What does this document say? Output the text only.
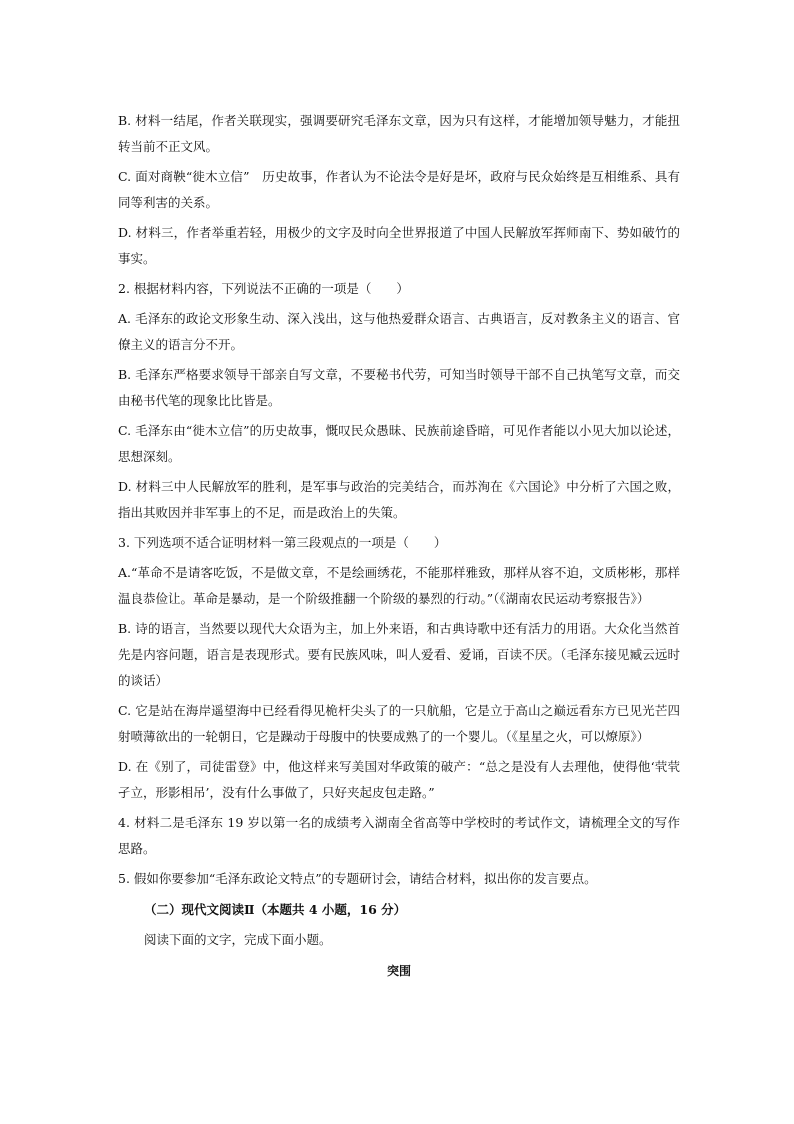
B. 材料一结尾，作者关联现实，强调要研究毛泽东文章，因为只有这样，才能增加领导魅力，才能扭转当前不正文风。

C. 面对商鞅“徙木立信”　历史故事，作者认为不论法令是好是坏，政府与民众始终是互相维系、具有同等利害的关系。

D. 材料三，作者举重若轻，用极少的文字及时向全世界报道了中国人民解放军挥师南下、势如破竹的事实。

2. 根据材料内容，下列说法不正确的一项是（　　）

A. 毛泽东的政论文形象生动、深入浅出，这与他热爱群众语言、古典语言，反对教条主义的语言、官僚主义的语言分不开。

B. 毛泽东严格要求领导干部亲自写文章，不要秘书代劳，可知当时领导干部不自己执笔写文章，而交由秘书代笔的现象比比皆是。

C. 毛泽东由“徙木立信”的历史故事，慨叹民众愚昧、民族前途昏暗，可见作者能以小见大加以论述，思想深刻。

D. 材料三中人民解放军的胜利，是军事与政治的完美结合，而苏洵在《六国论》中分析了六国之败，指出其败因并非军事上的不足，而是政治上的失策。

3. 下列选项不适合证明材料一第三段观点的一项是（　　）

A.“革命不是请客吃饭，不是做文章，不是绘画绣花，不能那样雅致，那样从容不迫，文质彬彬，那样温良恭俭让。革命是暴动，是一个阶级推翻一个阶级的暴烈的行动。”（《湖南农民运动考察报告》）

B. 诗的语言，当然要以现代大众语为主，加上外来语，和古典诗歌中还有活力的用语。大众化当然首先是内容问题，语言是表现形式。要有民族风味，叫人爱看、爱诵，百读不厌。（毛泽东接见臧云远时的谈话）

C. 它是站在海岸遥望海中已经看得见桅杆尖头了的一只航船，它是立于高山之巅远看东方已见光芒四射喷薄欲出的一轮朝日，它是躁动于母腹中的快要成熟了的一个婴儿。（《星星之火，可以燎原》）

D. 在《别了，司徒雷登》中，他这样来写美国对华政策的破产：“总之是没有人去理他，使得他‘茕茕孑立，形影相吊’，没有什么事做了，只好夹起皮包走路。”

4. 材料二是毛泽东 19 岁以第一名的成绩考入湖南全省高等中学校时的考试作文，请梳理全文的写作思路。

5. 假如你要参加“毛泽东政论文特点”的专题研讨会，请结合材料，拟出你的发言要点。

（二）现代文阅读Ⅱ（本题共 4 小题，16 分）

阅读下面的文字，完成下面小题。

突围
